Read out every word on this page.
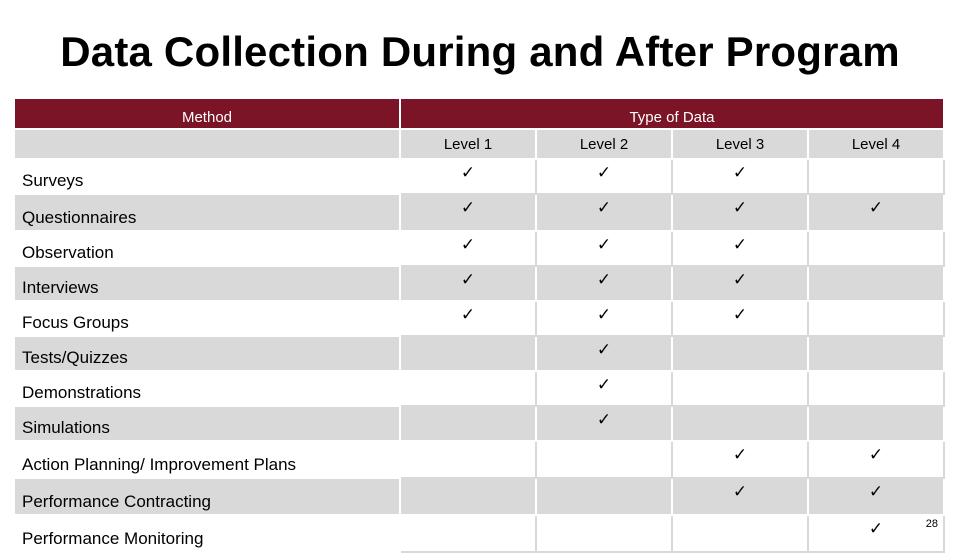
Data Collection During and After Program
Method	Type of Data			
	Level 1	Level 2	Level 3	Level 4
Surveys	✓	✓	✓	
Questionnaires	✓	✓	✓	✓
Observation	✓	✓	✓	
Interviews	✓	✓	✓	
Focus Groups	✓	✓	✓	
Tests/Quizzes		✓		
Demonstrations		✓		
Simulations		✓		
Action Planning/ Improvement Plans			✓	✓
Performance Contracting			✓	✓
Performance Monitoring				✓	28
